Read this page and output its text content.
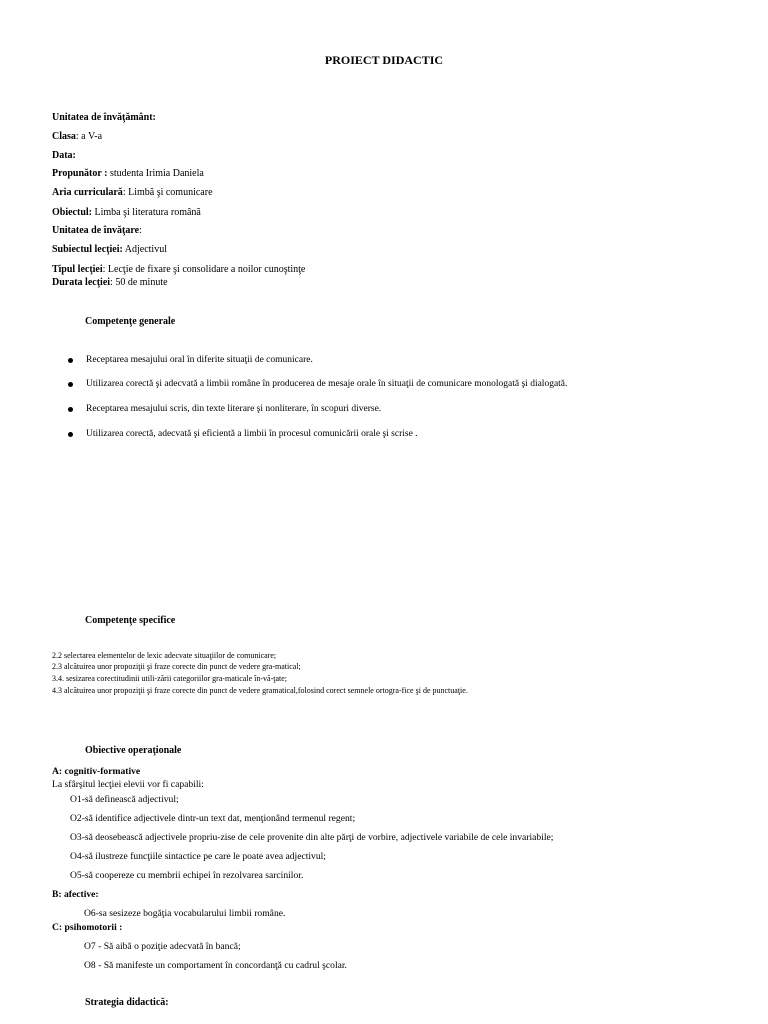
PROIECT DIDACTIC
Unitatea de învăţământ:
Clasa: a V-a
Data:
Propunător : studenta Irimia Daniela
Aria curriculară: Limbă şi comunicare
Obiectul: Limba şi literatura română
Unitatea de învăţare:
Subiectul lecţiei: Adjectivul
Tipul lecţiei: Lecţie de fixare şi consolidare a noilor cunoştinţe
Durata lecţiei: 50 de minute
Competenţe generale
Receptarea mesajului oral în diferite situaţii de comunicare.
Utilizarea corectă şi adecvată a limbii române în producerea de mesaje orale în situaţii de comunicare monologată şi dialogată.
Receptarea mesajului scris, din texte literare şi nonliterare, în scopuri diverse.
Utilizarea corectă, adecvată şi eficientă a limbii în procesul comunicării orale şi scrise .
Competenţe specifice
2.2 selectarea elementelor de lexic adecvate situaţiilor de comunicare;
2.3 alcătuirea unor propoziţii şi fraze corecte din punct de vedere gra-matical;
3.4. sesizarea corectitudinii utili-zării categoriilor gra-maticale în-vă-ţate;
4.3 alcătuirea unor propoziţii şi fraze corecte din punct de vedere gramatical,folosind corect semnele ortogra-fice şi de punctuaţie.
Obiective operaţionale
A: cognitiv-formative
La sfârşitul lecţiei elevii vor fi capabili:
O1-să definească adjectivul;
O2-să identifice adjectivele dintr-un text dat, menţionând termenul regent;
O3-să deosebească adjectivele propriu-zise de cele provenite din alte părţi de vorbire, adjectivele variabile de cele invariabile;
O4-să ilustreze funcţiile sintactice pe care le poate avea adjectivul;
O5-să coopereze cu membrii echipei în rezolvarea sarcinilor.
B: afective:
O6-sa sesizeze bogăţia vocabularului limbii române.
C: psihomotorii :
O7 - Să aibă o poziţie adecvată în bancă;
O8 - Să manifeste un comportament în concordanţă cu cadrul şcolar.
Strategia didactică:
